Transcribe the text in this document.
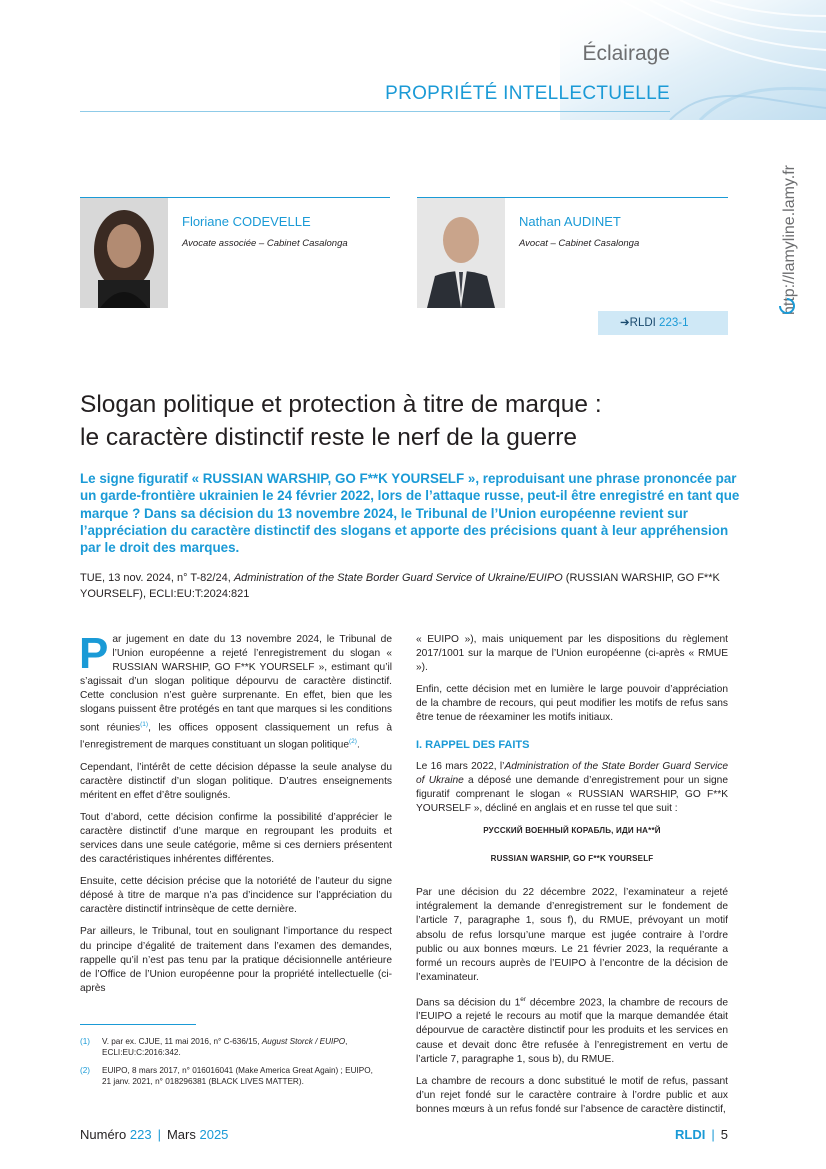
Éclairage
PROPRIÉTÉ INTELLECTUELLE
http://lamyline.lamy.fr
Floriane CODEVELLE
Avocate associée – Cabinet Casalonga
Nathan AUDINET
Avocat – Cabinet Casalonga
➔RLDI 223-1
Slogan politique et protection à titre de marque :
le caractère distinctif reste le nerf de la guerre
Le signe figuratif « RUSSIAN WARSHIP, GO F**K YOURSELF », reproduisant une phrase prononcée par un garde-frontière ukrainien le 24 février 2022, lors de l’attaque russe, peut-il être enregistré en tant que marque ? Dans sa décision du 13 novembre 2024, le Tribunal de l’Union européenne revient sur l’appréciation du caractère distinctif des slogans et apporte des précisions quant à leur appréhension par le droit des marques.
TUE, 13 nov. 2024, n° T-82/24, Administration of the State Border Guard Service of Ukraine/EUIPO (RUSSIAN WARSHIP, GO F**K YOURSELF), ECLI:EU:T:2024:821

Par jugement en date du 13 novembre 2024, le Tribunal de l’Union européenne a rejeté l’enregistrement du slogan « RUSSIAN WARSHIP, GO F**K YOURSELF », estimant qu’il s’agissait d’un slogan politique dépourvu de caractère distinctif. Cette conclusion n’est guère surprenante. En effet, bien que les slogans puissent être protégés en tant que marques si les conditions sont réunies$^{(1)}$, les offices opposent classiquement un refus à l’enregistrement de marques constituant un slogan politique$^{(2)}$.

Cependant, l’intérêt de cette décision dépasse la seule analyse du caractère distinctif d’un slogan politique. D’autres enseignements méritent en effet d’être soulignés.

Tout d’abord, cette décision confirme la possibilité d’apprécier le caractère distinctif d’une marque en regroupant les produits et services dans une seule catégorie, même si ces derniers présentent des caractéristiques inhérentes différentes.

Ensuite, cette décision précise que la notoriété de l’auteur du signe déposé à titre de marque n’a pas d’incidence sur l’appréciation du caractère distinctif intrinsèque de cette dernière.

Par ailleurs, le Tribunal, tout en soulignant l’importance du respect du principe d’égalité de traitement dans l’examen des demandes, rappelle qu’il n’est pas tenu par la pratique décisionnelle antérieure de l’Office de l’Union européenne pour la propriété intellectuelle (ci-après

« EUIPO »), mais uniquement par les dispositions du règlement 2017/1001 sur la marque de l’Union européenne (ci-après « RMUE »).

Enfin, cette décision met en lumière le large pouvoir d’appréciation de la chambre de recours, qui peut modifier les motifs de refus sans être tenue de réexaminer les motifs initiaux.

I. RAPPEL DES FAITS

Le 16 mars 2022, l’Administration of the State Border Guard Service of Ukraine a déposé une demande d’enregistrement pour un signe figuratif comprenant le slogan « RUSSIAN WARSHIP, GO F**K YOURSELF », décliné en anglais et en russe tel que suit :

РУССКИЙ ВОЕННЫЙ КОРАБЛЬ, ИДИ НА**Й
RUSSIAN WARSHIP, GO F**K YOURSELF

Par une décision du 22 décembre 2022, l’examinateur a rejeté intégralement la demande d’enregistrement sur le fondement de l’article 7, paragraphe 1, sous f), du RMUE, prévoyant un motif absolu de refus lorsqu’une marque est jugée contraire à l’ordre public ou aux bonnes mœurs. Le 21 février 2023, la requérante a formé un recours auprès de l’EUIPO à l’encontre de la décision de l’examinateur.

Dans sa décision du 1er décembre 2023, la chambre de recours de l’EUIPO a rejeté le recours au motif que la marque demandée était dépourvue de caractère distinctif pour les produits et les services en cause et devait donc être refusée à l’enregistrement en vertu de l’article 7, paragraphe 1, sous b), du RMUE.

La chambre de recours a donc substitué le motif de refus, passant d’un rejet fondé sur le caractère contraire à l’ordre public et aux bonnes mœurs à un refus fondé sur l’absence de caractère distinctif,

(1) V. par ex. CJUE, 11 mai 2016, n° C-636/15, August Storck / EUIPO, ECLI:EU:C:2016:342.
(2) EUIPO, 8 mars 2017, n° 016016041 (Make America Great Again) ; EUIPO, 21 janv. 2021, n° 018296381 (BLACK LIVES MATTER).
Numéro 223 | Mars 2025	RLDI | 5
